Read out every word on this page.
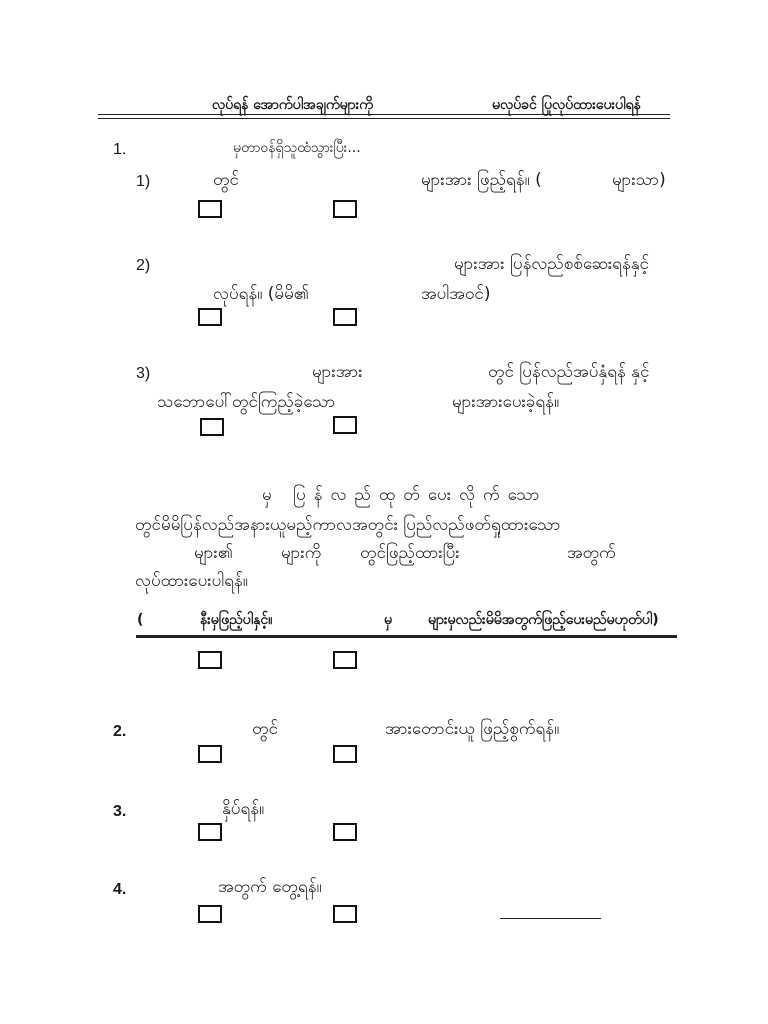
လုပ်ရန် အောက်ပါအချက်များကို	မလုပ်ခင် ပြုလုပ်ထားပေးပါရန်
1.	မှတာဝန်ရှိသူထံသွားပြီး...
1)	တွင်	များအား ဖြည့်ရန်။ (	များသာ)
2)	များအား ပြန်လည်စစ်ဆေးရန်နှင့်
လုပ်ရန်။ (မိမိ၏	အပါအဝင်)
3)	များအား	တွင် ပြန်လည်အပ်နှံရန် နှင့်
သဘောပေါ်တွင်ကြည့်ခဲ့သော	များအားပေးခဲ့ရန်။
မှ ပြန်လည်ထုတ်ပေးလိုက်သော
တွင်မိမိပြန်လည်အနားယူမည့်ကာလအတွင်း ပြည်လည်ဖတ်ရှုထားသော
များ၏	များကို တွင်ဖြည့်ထားပြီး	အတွက်
လုပ်ထားပေးပါရန်။
(	နီးမှဖြည့်ပါနှင့်။	မှ	များမှလည်းမိမိအတွက်ဖြည့်ပေးမည်မဟုတ်ပါ)
2.	တွင်	အားတောင်းယူ ဖြည့်စွက်ရန်။
3.	နှိပ်ရန်။
4.	အတွက် တွေ့ရန်။
